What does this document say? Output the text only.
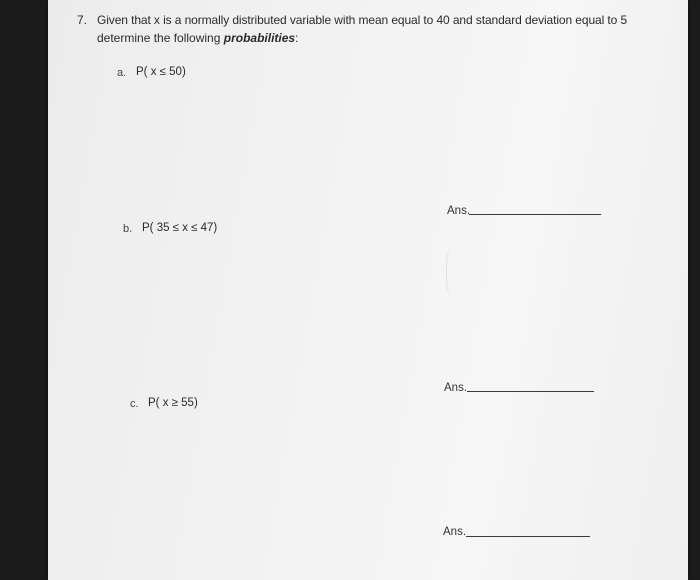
7. Given that x is a normally distributed variable with mean equal to 40 and standard deviation equal to 5
determine the following probabilities:
a. P( x ≤ 50)
Ans.
b. P( 35 ≤ x ≤ 47)
Ans.
c. P( x ≥ 55)
Ans.
